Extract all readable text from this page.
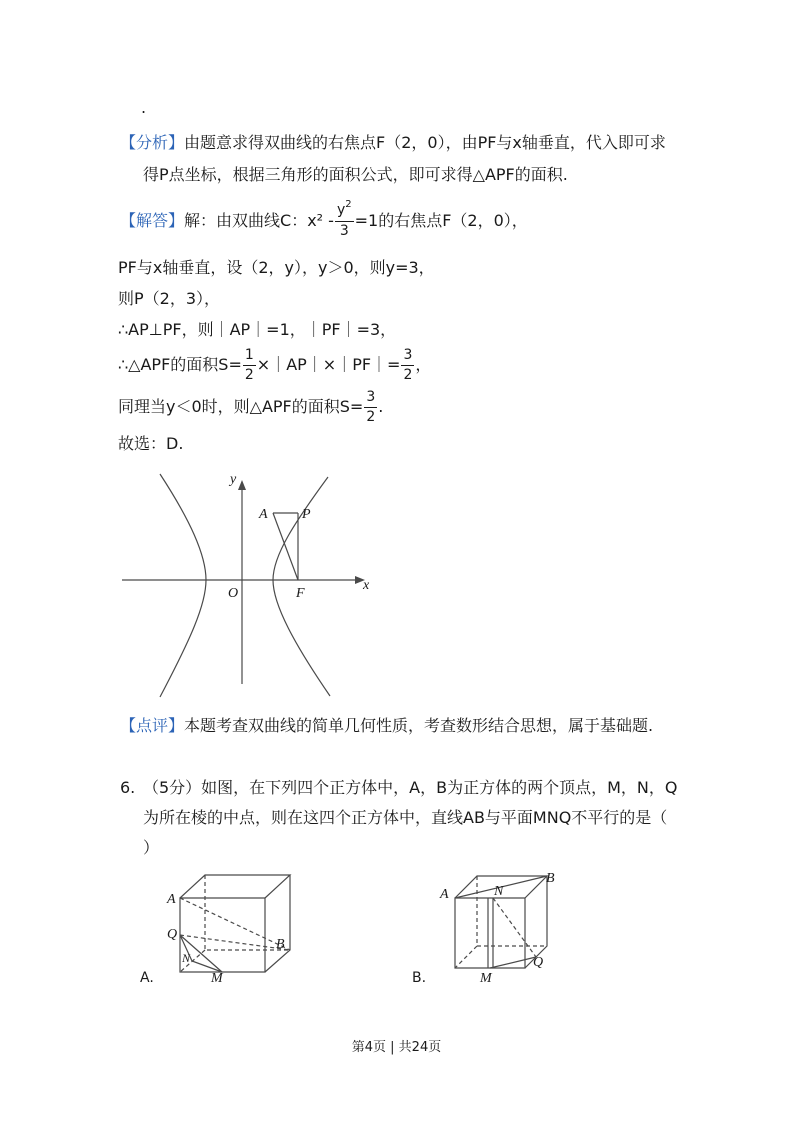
.
【分析】由题意求得双曲线的右焦点F（2，0），由PF与x轴垂直，代入即可求
得P点坐标，根据三角形的面积公式，即可求得△APF的面积.
【解答】 解：由双曲线C：$x^2 - \frac{y^2}{3} =1$的右焦点F（2，0），
PF与x轴垂直，设（2，y），y＞0，则y=3，
则P（2，3），
∴AP⊥PF，则｜AP｜=1，｜PF｜=3，
∴△APF的面积$S= \frac{1}{2}$ ×｜AP｜×｜PF｜= $\frac{3}{2}$ ，
同理当y＜0时，则△APF的面积$S= \frac{3}{2}$ .
故选：D.
y
x
O	F
A P
【点评】本题考查双曲线的简单几何性质，考查数形结合思想，属于基础题.
6. （5分）如图，在下列四个正方体中，A，B为正方体的两个顶点，M，N，Q
为所在棱的中点，则在这四个正方体中，直线AB与平面MNQ不平行的是（
）
A
Q
N
M
B
A.
A	N
B
M
Q
B.
第4页 | 共24页
